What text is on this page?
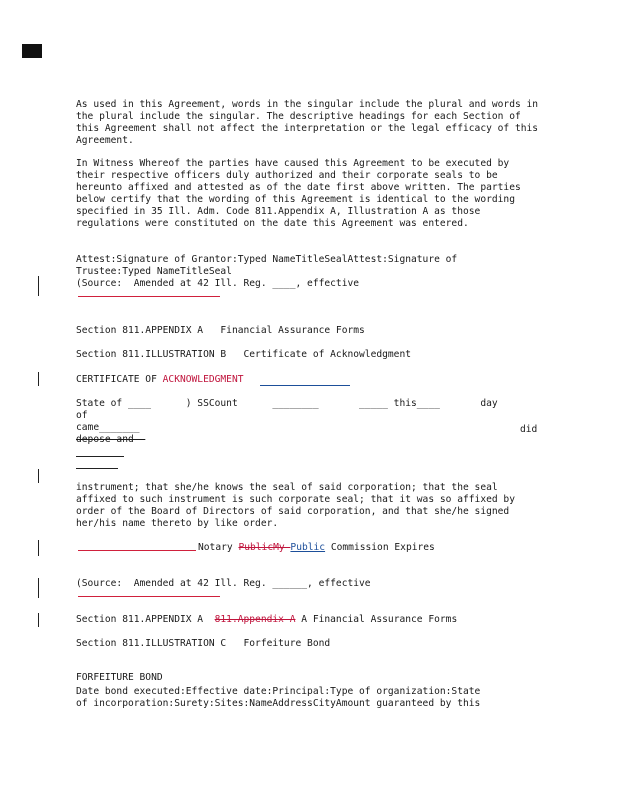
As used in this Agreement, words in the singular include the plural and words in the plural include the singular. The descriptive headings for each Section of this Agreement shall not affect the interpretation or the legal efficacy of this Agreement.
In Witness Whereof the parties have caused this Agreement to be executed by their respective officers duly authorized and their corporate seals to be hereunto affixed and attested as of the date first above written. The parties below certify that the wording of this Agreement is identical to the wording specified in 35 Ill. Adm. Code 811.Appendix A, Illustration A as those regulations were constituted on the date this Agreement was entered.
Attest:Signature of Grantor:Typed NameTitleSealAttest:Signature of
Trustee:Typed NameTitleSeal
(Source:  Amended at 42 Ill. Reg. ____, effective
Section 811.APPENDIX A   Financial Assurance Forms
Section 811.ILLUSTRATION B   Certificate of Acknowledgment
CERTIFICATE OF ACKNOWLEDGMENT
State of ____      ) SSCount      ________       _____ this____       day
of
came_______	did
depose and
instrument; that she/he knows the seal of said corporation; that the seal affixed to such instrument is such corporate seal; that it was so affixed by order of the Board of Directors of said corporation, and that she/he signed her/his name thereto by like order.
Notary PublicMy Public Commission Expires
(Source:  Amended at 42 Ill. Reg. ______, effective
Section 811.APPENDIX A  811.Appendix A A Financial Assurance Forms
Section 811.ILLUSTRATION C   Forfeiture Bond
FORFEITURE BOND
Date bond executed:Effective date:Principal:Type of organization:State
of incorporation:Surety:Sites:NameAddressCityAmount guaranteed by this
